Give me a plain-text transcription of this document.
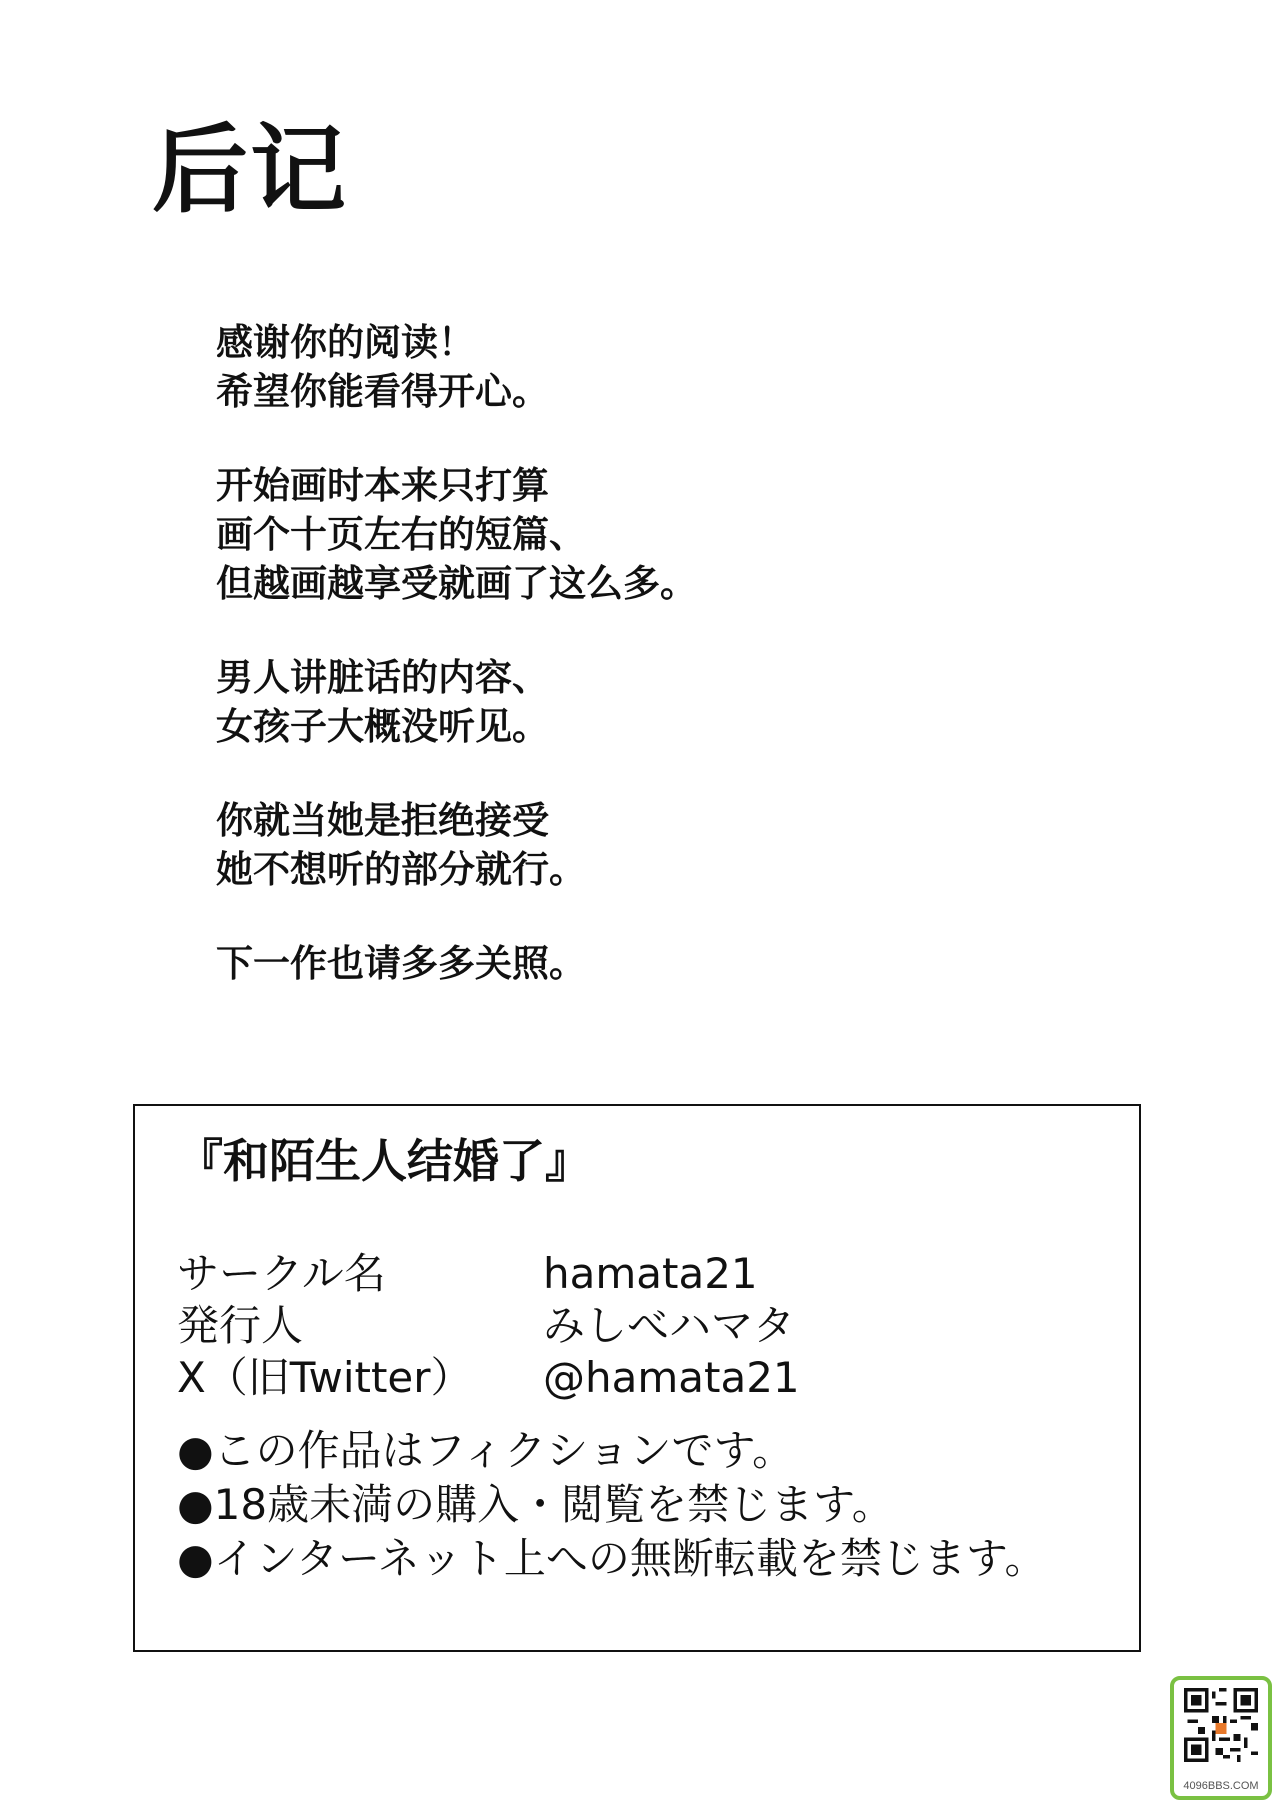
后记

感谢你的阅读！
希望你能看得开心。

开始画时本来只打算
画个十页左右的短篇、
但越画越享受就画了这么多。

男人讲脏话的内容、
女孩子大概没听见。

你就当她是拒绝接受
她不想听的部分就行。

下一作也请多多关照。

『和陌生人结婚了』
サークル名	hamata21
発行人	みしべハマタ
X（旧Twitter） @hamata21
●この作品はフィクションです。
●18歳未満の購入・閲覧を禁じます。
●インターネット上への無断転載を禁じます。
4096BBS.COM
